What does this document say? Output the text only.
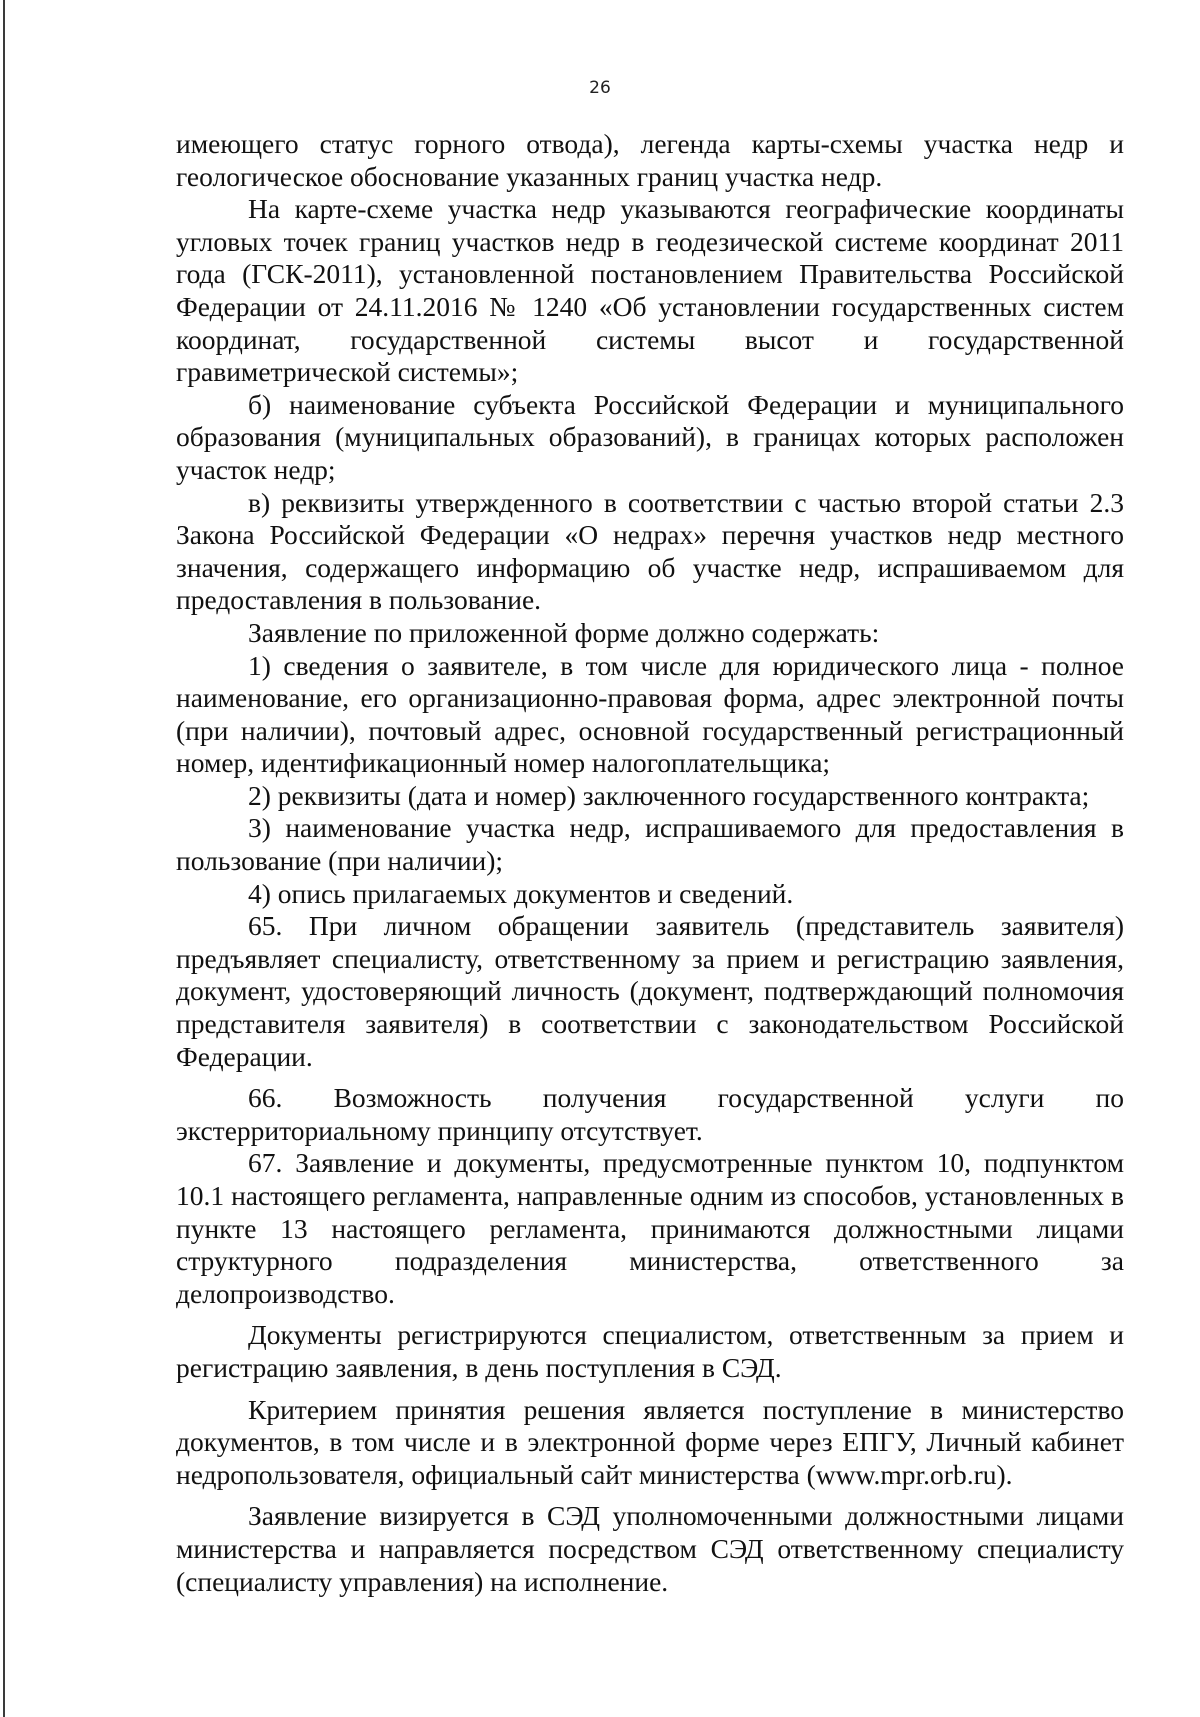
26

имеющего статус горного отвода), легенда карты-схемы участка недр и геологическое обоснование указанных границ участка недр.

На карте-схеме участка недр указываются географические координаты угловых точек границ участков недр в геодезической системе координат 2011 года (ГСК-2011), установленной постановлением Правительства Российской Федерации от 24.11.2016 № 1240 «Об установлении государственных систем координат, государственной системы высот и государственной гравиметрической системы»;

б) наименование субъекта Российской Федерации и муниципального образования (муниципальных образований), в границах которых расположен участок недр;

в) реквизиты утвержденного в соответствии с частью второй статьи 2.3 Закона Российской Федерации «О недрах» перечня участков недр местного значения, содержащего информацию об участке недр, испрашиваемом для предоставления в пользование.

Заявление по приложенной форме должно содержать:

1) сведения о заявителе, в том числе для юридического лица - полное наименование, его организационно-правовая форма, адрес электронной почты (при наличии), почтовый адрес, основной государственный регистрационный номер, идентификационный номер налогоплательщика;

2) реквизиты (дата и номер) заключенного государственного контракта;

3) наименование участка недр, испрашиваемого для предоставления в пользование (при наличии);

4) опись прилагаемых документов и сведений.

65. При личном обращении заявитель (представитель заявителя) предъявляет специалисту, ответственному за прием и регистрацию заявления, документ, удостоверяющий личность (документ, подтверждающий полномочия представителя заявителя) в соответствии с законодательством Российской Федерации.

66. Возможность получения государственной услуги по экстерриториальному принципу отсутствует.

67. Заявление и документы, предусмотренные пунктом 10, подпунктом 10.1 настоящего регламента, направленные одним из способов, установленных в пункте 13 настоящего регламента, принимаются должностными лицами структурного подразделения министерства, ответственного за делопроизводство.

Документы регистрируются специалистом, ответственным за прием и регистрацию заявления, в день поступления в СЭД.

Критерием принятия решения является поступление в министерство документов, в том числе и в электронной форме через ЕПГУ, Личный кабинет недропользователя, официальный сайт министерства (www.mpr.orb.ru).

Заявление визируется в СЭД уполномоченными должностными лицами министерства и направляется посредством СЭД ответственному специалисту (специалисту управления) на исполнение.
